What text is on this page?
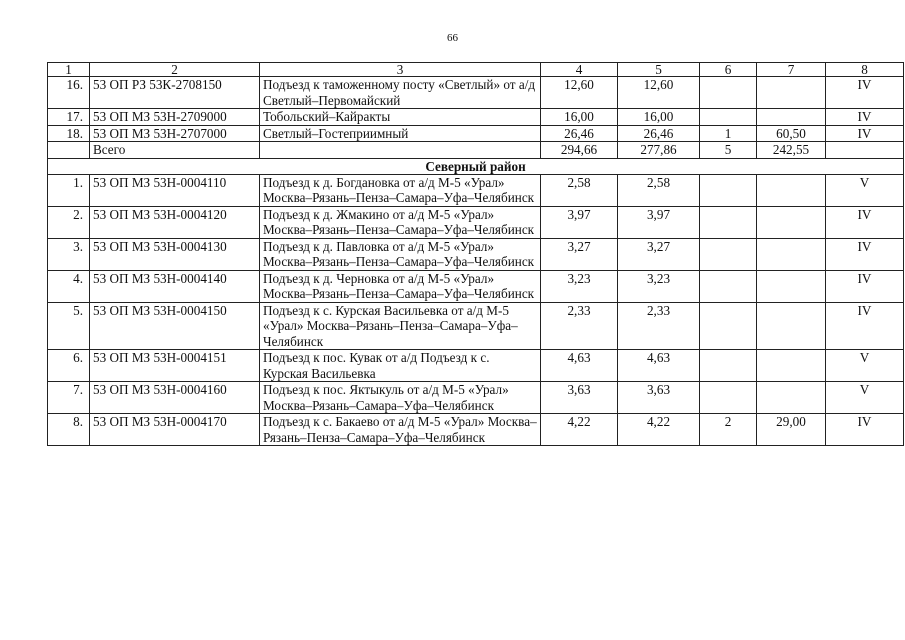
66
1	2	3	4	5	6	7	8
16.	53 ОП РЗ 53К-2708150	Подъезд к таможенному посту «Светлый» от а/д Светлый–Первомайский	12,60	12,60			IV
17.	53 ОП МЗ 53Н-2709000	Тобольский–Кайракты	16,00	16,00			IV
18.	53 ОП МЗ 53Н-2707000	Светлый–Гостеприимный	26,46	26,46	1	60,50	IV
	Всего		294,66	277,86	5	242,55	
Северный район							
1.	53 ОП МЗ 53Н-0004110	Подъезд к д. Богдановка от а/д М-5 «Урал» Москва–Рязань–Пенза–Самара–Уфа–Челябинск	2,58	2,58			V
2.	53 ОП МЗ 53Н-0004120	Подъезд к д. Жмакино от а/д М-5 «Урал» Москва–Рязань–Пенза–Самара–Уфа–Челябинск	3,97	3,97			IV
3.	53 ОП МЗ 53Н-0004130	Подъезд к д. Павловка от а/д М-5 «Урал» Москва–Рязань–Пенза–Самара–Уфа–Челябинск	3,27	3,27			IV
4.	53 ОП МЗ 53Н-0004140	Подъезд к д. Черновка от а/д М-5 «Урал» Москва–Рязань–Пенза–Самара–Уфа–Челябинск	3,23	3,23			IV
5.	53 ОП МЗ 53Н-0004150	Подъезд к с. Курская Васильевка от а/д М-5 «Урал» Москва–Рязань–Пенза–Самара–Уфа–Челябинск	2,33	2,33			IV
6.	53 ОП МЗ 53Н-0004151	Подъезд к пос. Кувак от а/д Подъезд к с. Курская Васильевка	4,63	4,63			V
7.	53 ОП МЗ 53Н-0004160	Подъезд к пос. Яктыкуль от а/д М-5 «Урал» Москва–Рязань–Самара–Уфа–Челябинск	3,63	3,63			V
8.	53 ОП МЗ 53Н-0004170	Подъезд к с. Бакаево от а/д М-5 «Урал» Москва–Рязань–Пенза–Самара–Уфа–Челябинск	4,22	4,22	2	29,00	IV
